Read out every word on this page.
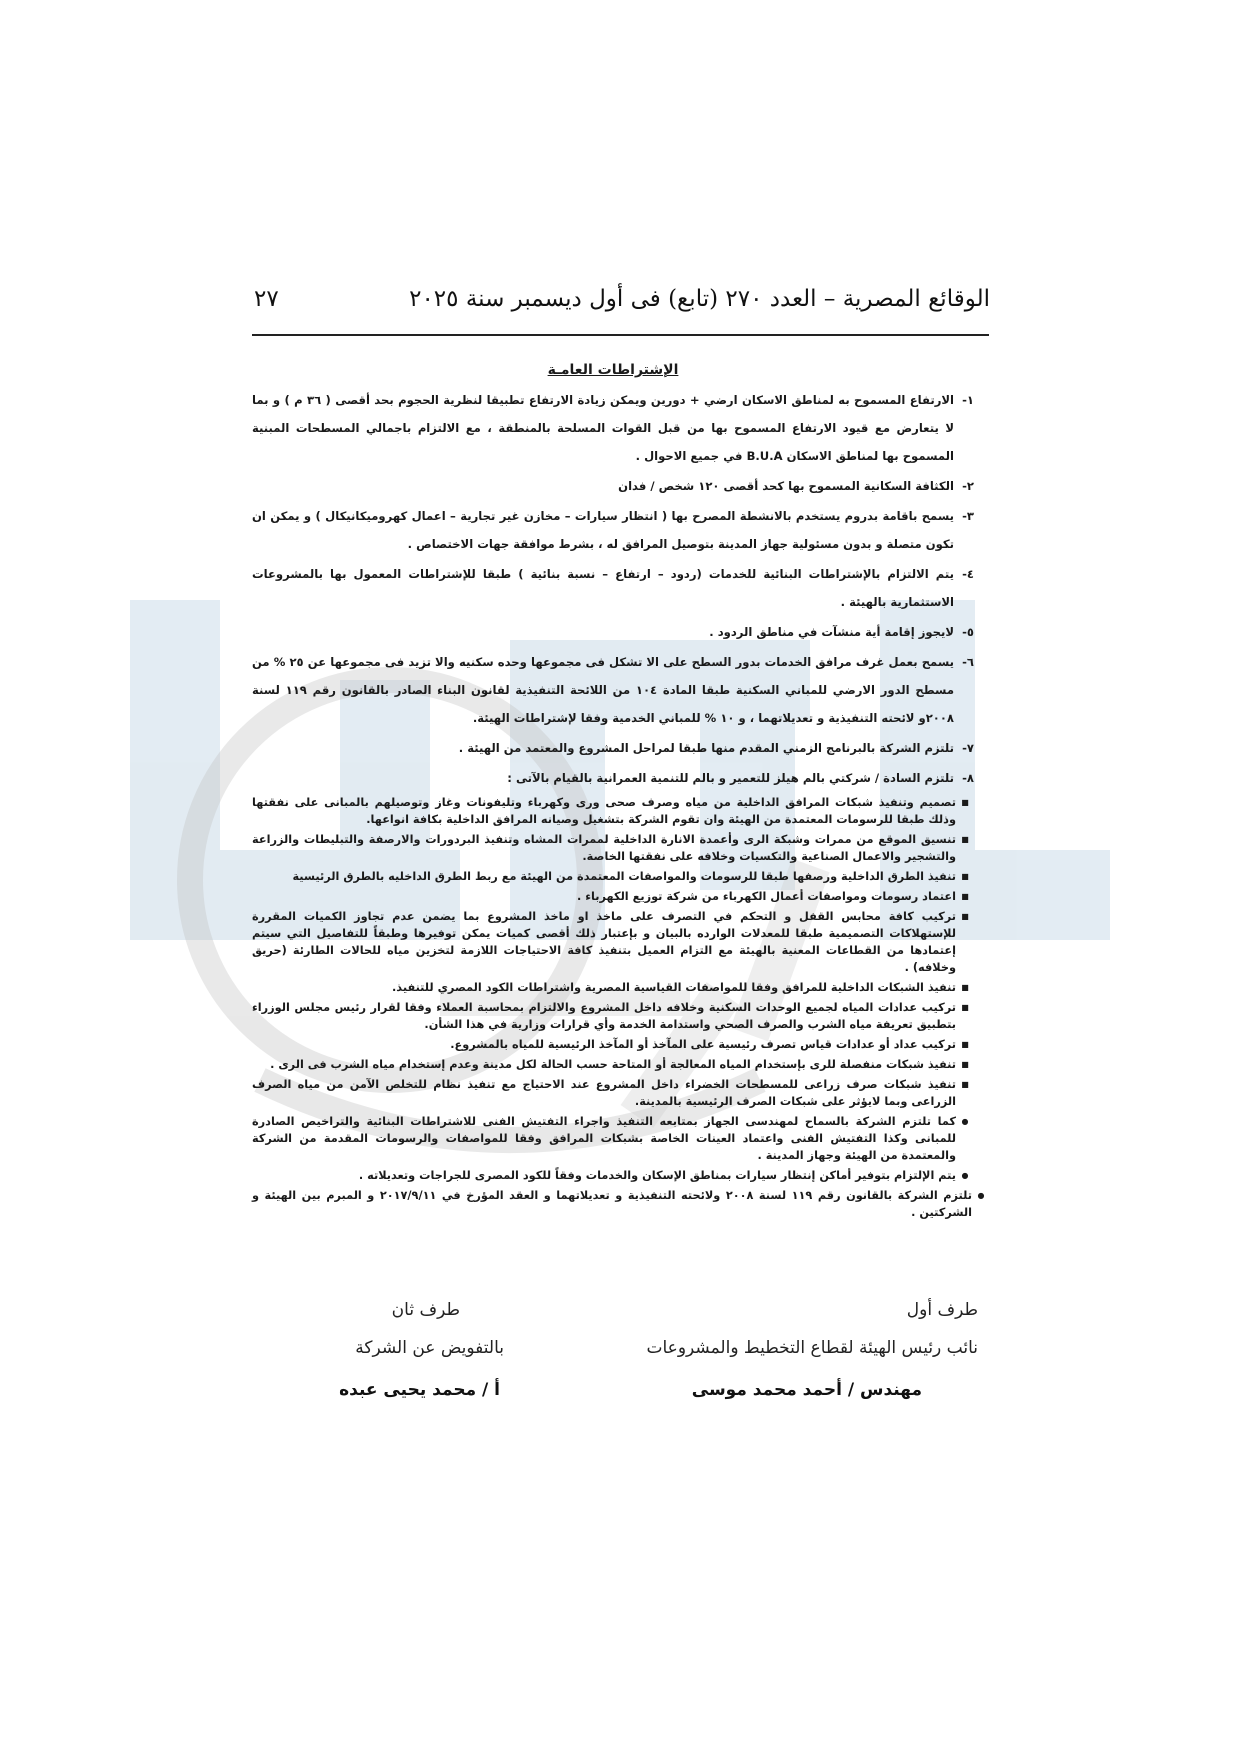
الوقائع المصرية – العدد ٢٧٠ (تابع) فى أول ديسمبر سنة ٢٠٢٥
٢٧
الإشتراطات العامـة
١-
الارتفاع المسموح به لمناطق الاسكان ارضي + دورين ويمكن زيادة الارتفاع تطبيقا لنظرية الحجوم بحد أقصى ( ٣٦ م ) و بما لا يتعارض مع قيود الارتفاع المسموح بها من قبل القوات المسلحة بالمنطقة ، مع الالتزام باجمالي المسطحات المبنية المسموح بها لمناطق الاسكان B.U.A في جميع الاحوال .
٢-
الكثافة السكانية المسموح بها كحد أقصى ١٢٠ شخص / فدان
٣-
يسمح باقامة بدروم يستخدم بالانشطة المصرح بها ( انتظار سيارات – مخازن غير تجارية – اعمال كهروميكانيكال ) و يمكن ان تكون متصلة و بدون مسئولية جهاز المدينة بتوصيل المرافق له ، بشرط موافقة جهات الاختصاص .
٤-
يتم الالتزام بالإشتراطات البنائية للخدمات (ردود – ارتفاع – نسبة بنائية ) طبقا للإشتراطات المعمول بها بالمشروعات الاستثمارية بالهيئة .
٥-
لايجوز إقامة أية منشآت في مناطق الردود .
٦-
يسمح بعمل غرف مرافق الخدمات بدور السطح على الا تشكل فى مجموعها وحده سكنيه والا تزيد فى مجموعها عن ٢٥ % من مسطح الدور الارضي للمباني السكنية طبقا المادة ١٠٤ من اللائحة التنفيذية لقانون البناء الصادر بالقانون رقم ١١٩ لسنة ٢٠٠٨و لائحته التنفيذية و تعديلاتهما ، و ١٠ % للمباني الخدمية وفقا لإشتراطات الهيئة.
٧-
تلتزم الشركة بالبرنامج الزمني المقدم منها طبقا لمراحل المشروع والمعتمد من الهيئة .
٨-
تلتزم السادة / شركتي بالم هيلز للتعمير و بالم للتنمية العمرانية بالقيام بالآتى :
■
تصميم وتنفيذ شبكات المرافق الداخلية من مياه وصرف صحى ورى وكهرباء وتليفونات وغاز وتوصيلهم بالمبانى على نفقتها وذلك طبقا للرسومات المعتمدة من الهيئة وان تقوم الشركة بتشغيل وصيانه المرافق الداخلية بكافة انواعها.
■
تنسيق الموقع من ممرات وشبكة الرى وأعمدة الانارة الداخلية لممرات المشاه وتنفيذ البردورات والارصفة والتبليطات والزراعة والتشجير والاعمال الصناعية والتكسيات وخلافه على نفقتها الخاصة.
■
تنفيذ الطرق الداخلية ورصفها طبقا للرسومات والمواصفات المعتمدة من الهيئة مع ربط الطرق الداخليه بالطرق الرئيسية
■
اعتماد رسومات ومواصفات أعمال الكهرباء من شركة توزيع الكهرباء .
■
تركيب كافة محابس القفل و التحكم في التصرف على ماخذ او ماخذ المشروع بما يضمن عدم تجاوز الكميات المقررة للإستهلاكات التصميمية طبقا للمعدلات الوارده بالبيان و بإعتبار ذلك أقصى كميات يمكن توفيرها وطبقاً للتفاصيل التي سيتم إعتمادها من القطاعات المعنية بالهيئة مع التزام العميل بتنفيذ كافة الاحتياجات اللازمة لتخزين مياه للحالات الطارئة (حريق وخلافه) .
■
تنفيذ الشبكات الداخلية للمرافق وفقا للمواصفات القياسية المصرية واشتراطات الكود المصري للتنفيذ.
■
تركيب عدادات المياه لجميع الوحدات السكنية وخلافه داخل المشروع والالتزام بمحاسبة العملاء وفقا لقرار رئيس مجلس الوزراء بتطبيق تعريفة مياه الشرب والصرف الصحي واستدامة الخدمة وأي قرارات وزارية في هذا الشأن.
■
تركيب عداد أو عدادات قياس تصرف رئيسية على المآخذ أو المآخذ الرئيسية للمياه بالمشروع.
■
تنفيذ شبكات منفصلة للرى بإستخدام المياه المعالجة أو المتاحة حسب الحالة لكل مدينة وعدم إستخدام مياه الشرب فى الرى .
■
تنفيذ شبكات صرف زراعى للمسطحات الخضراء داخل المشروع عند الاحتياج مع تنفيذ نظام للتخلص الآمن من مياه الصرف الزراعى وبما لايؤثر على شبكات الصرف الرئيسية بالمدينة.
●
كما تلتزم الشركة بالسماح لمهندسى الجهاز بمتابعه التنفيذ واجراء التفتيش الفنى للاشتراطات البنائية والتراخيص الصادرة للمبانى وكذا التفتيش الفنى واعتماد العينات الخاصة بشبكات المرافق وفقا للمواصفات والرسومات المقدمة من الشركة والمعتمدة من الهيئة وجهاز المدينة .
●
يتم الإلتزام بتوفير أماكن إنتظار سيارات بمناطق الإسكان والخدمات وفقاً للكود المصرى للجراجات وتعديلاته .
●
تلتزم الشركة بالقانون رقم ١١٩ لسنة ٢٠٠٨ ولائحته التنفيذية و تعديلاتهما و العقد المؤرخ في ٢٠١٧/٩/١١ و المبرم بين الهيئة و الشركتين .
طرف أول
نائب رئيس الهيئة لقطاع التخطيط والمشروعات
مهندس / أحمد محمد موسى
طرف ثان
بالتفويض عن الشركة
أ / محمد يحيى عبده
